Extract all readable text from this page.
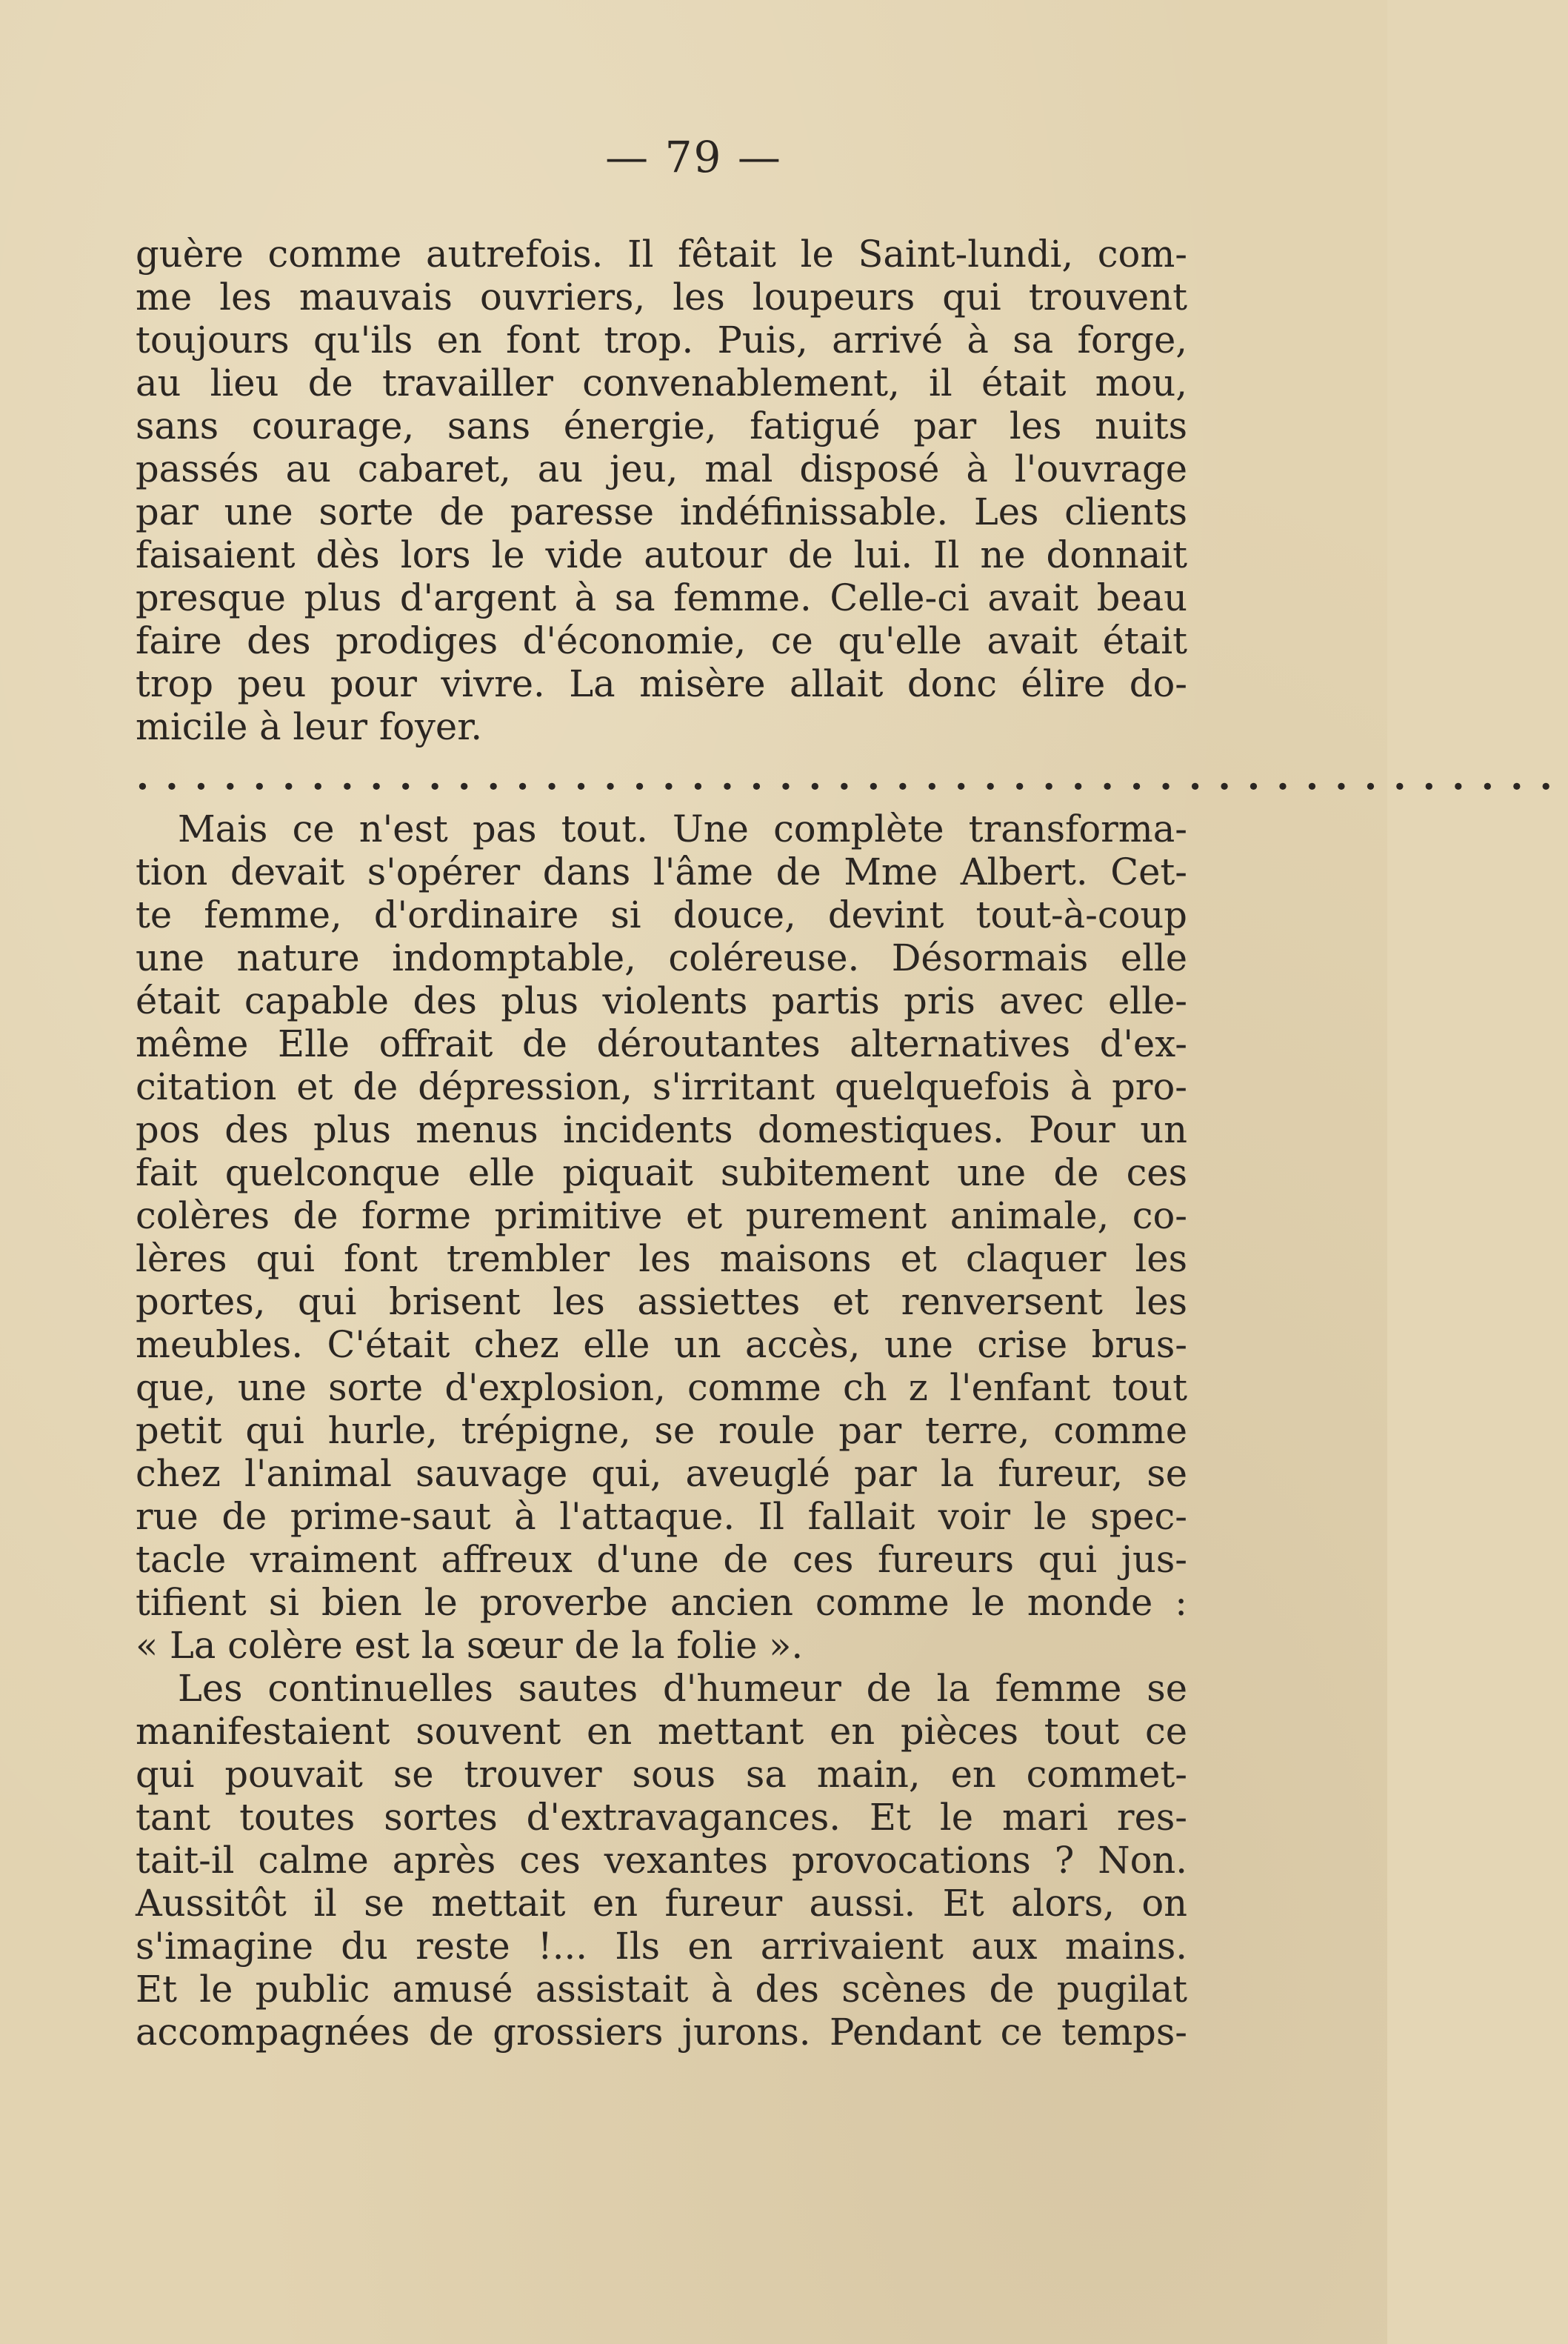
— 79 —
guère comme autrefois. Il fêtait le Saint-lundi, com-
me les mauvais ouvriers, les loupeurs qui trouvent
toujours qu'ils en font trop. Puis, arrivé à sa forge,
au lieu de travailler convenablement, il était mou,
sans courage, sans énergie, fatigué par les nuits
passés au cabaret, au jeu, mal disposé à l'ouvrage
par une sorte de paresse indéfinissable. Les clients
faisaient dès lors le vide autour de lui. Il ne donnait
presque plus d'argent à sa femme. Celle-ci avait beau
faire des prodiges d'économie, ce qu'elle avait était
trop peu pour vivre. La misère allait donc élire do-
micile à leur foyer.
•••••••••••••••••••••••••••••••••••••••••••••••••
Mais ce n'est pas tout. Une complète transforma-
tion devait s'opérer dans l'âme de Mme Albert. Cet-
te femme, d'ordinaire si douce, devint tout-à-coup
une nature indomptable, coléreuse. Désormais elle
était capable des plus violents partis pris avec elle-
même Elle offrait de déroutantes alternatives d'ex-
citation et de dépression, s'irritant quelquefois à pro-
pos des plus menus incidents domestiques. Pour un
fait quelconque elle piquait subitement une de ces
colères de forme primitive et purement animale, co-
lères qui font trembler les maisons et claquer les
portes, qui brisent les assiettes et renversent les
meubles. C'était chez elle un accès, une crise brus-
que, une sorte d'explosion, comme ch z l'enfant tout
petit qui hurle, trépigne, se roule par terre, comme
chez l'animal sauvage qui, aveuglé par la fureur, se
rue de prime-saut à l'attaque. Il fallait voir le spec-
tacle vraiment affreux d'une de ces fureurs qui jus-
tifient si bien le proverbe ancien comme le monde :
« La colère est la sœur de la folie ».
Les continuelles sautes d'humeur de la femme se
manifestaient souvent en mettant en pièces tout ce
qui pouvait se trouver sous sa main, en commet-
tant toutes sortes d'extravagances. Et le mari res-
tait-il calme après ces vexantes provocations ? Non.
Aussitôt il se mettait en fureur aussi. Et alors, on
s'imagine du reste !... Ils en arrivaient aux mains.
Et le public amusé assistait à des scènes de pugilat
accompagnées de grossiers jurons. Pendant ce temps-
